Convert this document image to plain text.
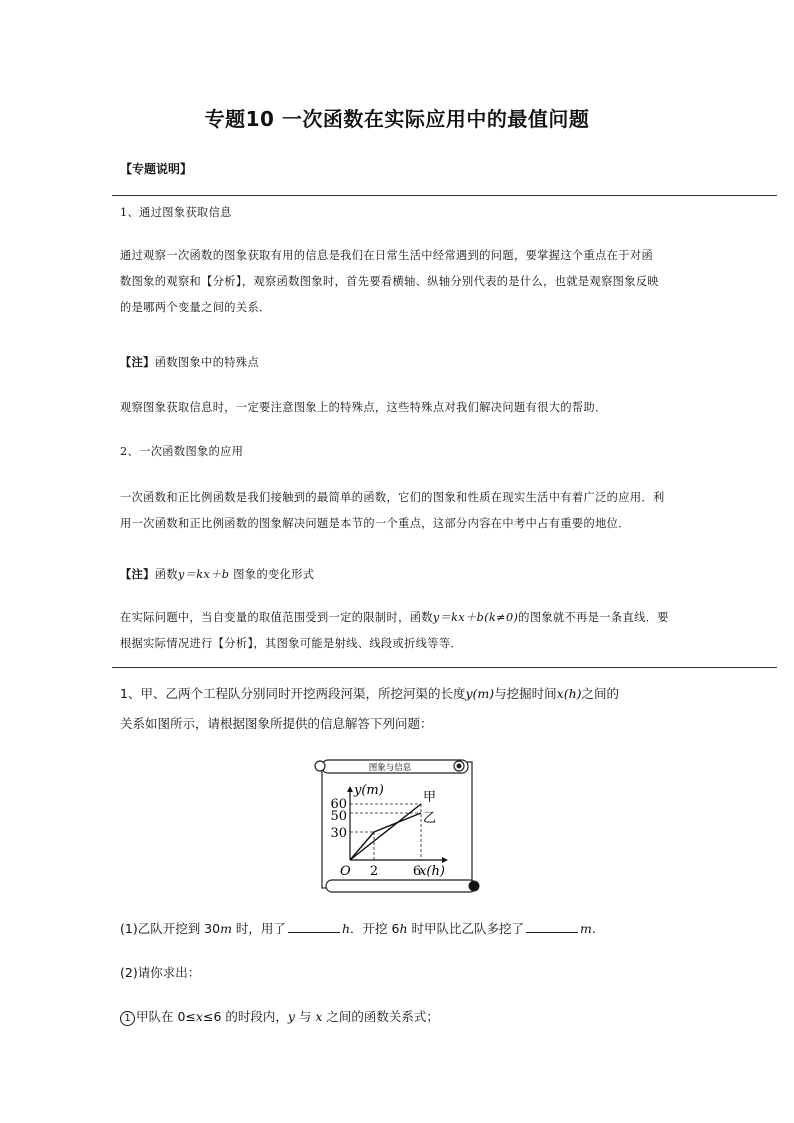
专题10 一次函数在实际应用中的最值问题
【专题说明】
1、通过图象获取信息
通过观察一次函数的图象获取有用的信息是我们在日常生活中经常遇到的问题，要掌握这个重点在于对函
数图象的观察和【分析】，观察函数图象时，首先要看横轴、纵轴分别代表的是什么，也就是观察图象反映
的是哪两个变量之间的关系．
【注】函数图象中的特殊点
观察图象获取信息时，一定要注意图象上的特殊点，这些特殊点对我们解决问题有很大的帮助．
2、一次函数图象的应用
一次函数和正比例函数是我们接触到的最简单的函数，它们的图象和性质在现实生活中有着广泛的应用．利
用一次函数和正比例函数的图象解决问题是本节的一个重点，这部分内容在中考中占有重要的地位．
【注】函数y＝kx＋b 图象的变化形式
在实际问题中，当自变量的取值范围受到一定的限制时，函数y＝kx＋b(k≠0)的图象就不再是一条直线．要
根据实际情况进行【分析】，其图象可能是射线、线段或折线等等．
1、甲、乙两个工程队分别同时开挖两段河渠，所挖河渠的长度y(m)与挖掘时间x(h)之间的
关系如图所示，请根据图象所提供的信息解答下列问题：
图象与信息
y(m)
x(h)
O
60
50
30
2	6
甲
乙
(1)乙队开挖到 30m 时，用了	h．开挖 6h 时甲队比乙队多挖了	m.
(2)请你求出：
1 甲队在 0≤x≤6 的时段内，y 与 x 之间的函数关系式；
